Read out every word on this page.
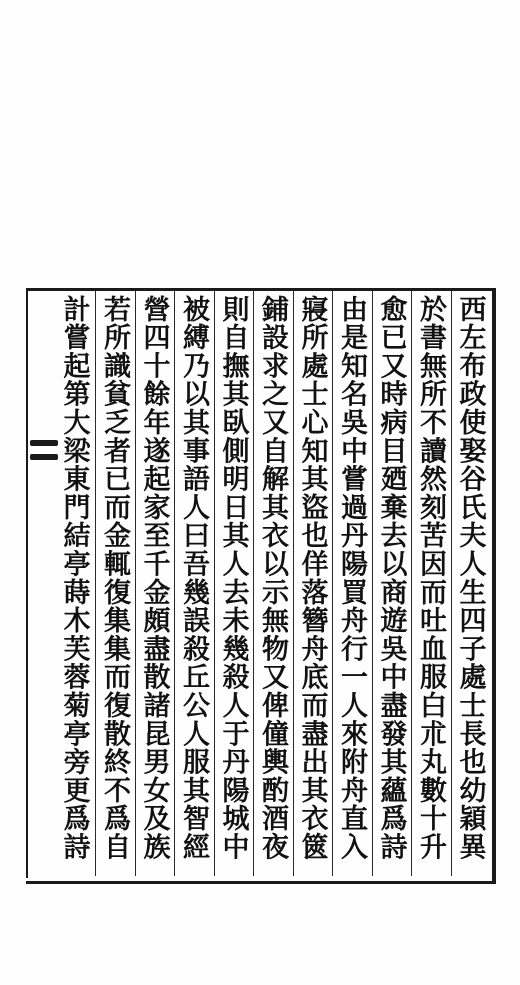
西左布政使娶谷氏夫人生四子處士長也幼穎異
於書無所不讀然刻苦因而吐血服白朮丸數十升
愈已又時病目廼棄去以商遊吳中盡發其蘊爲詩
由是知名吳中嘗過丹陽買舟行一人來附舟直入
寢所處士心知其盜也佯落簪舟底而盡出其衣篋
鋪設求之又自解其衣以示無物又俾僮輿酌酒夜
則自撫其臥側明日其人去未幾殺人于丹陽城中
被縛乃以其事語人曰吾幾誤殺丘公人服其智經
營四十餘年遂起家至千金頗盡散諸昆男女及族
若所識貧乏者已而金輒復集集而復散終不爲自
計嘗起第大梁東門結亭蒔木芙蓉菊亭旁更爲詩
